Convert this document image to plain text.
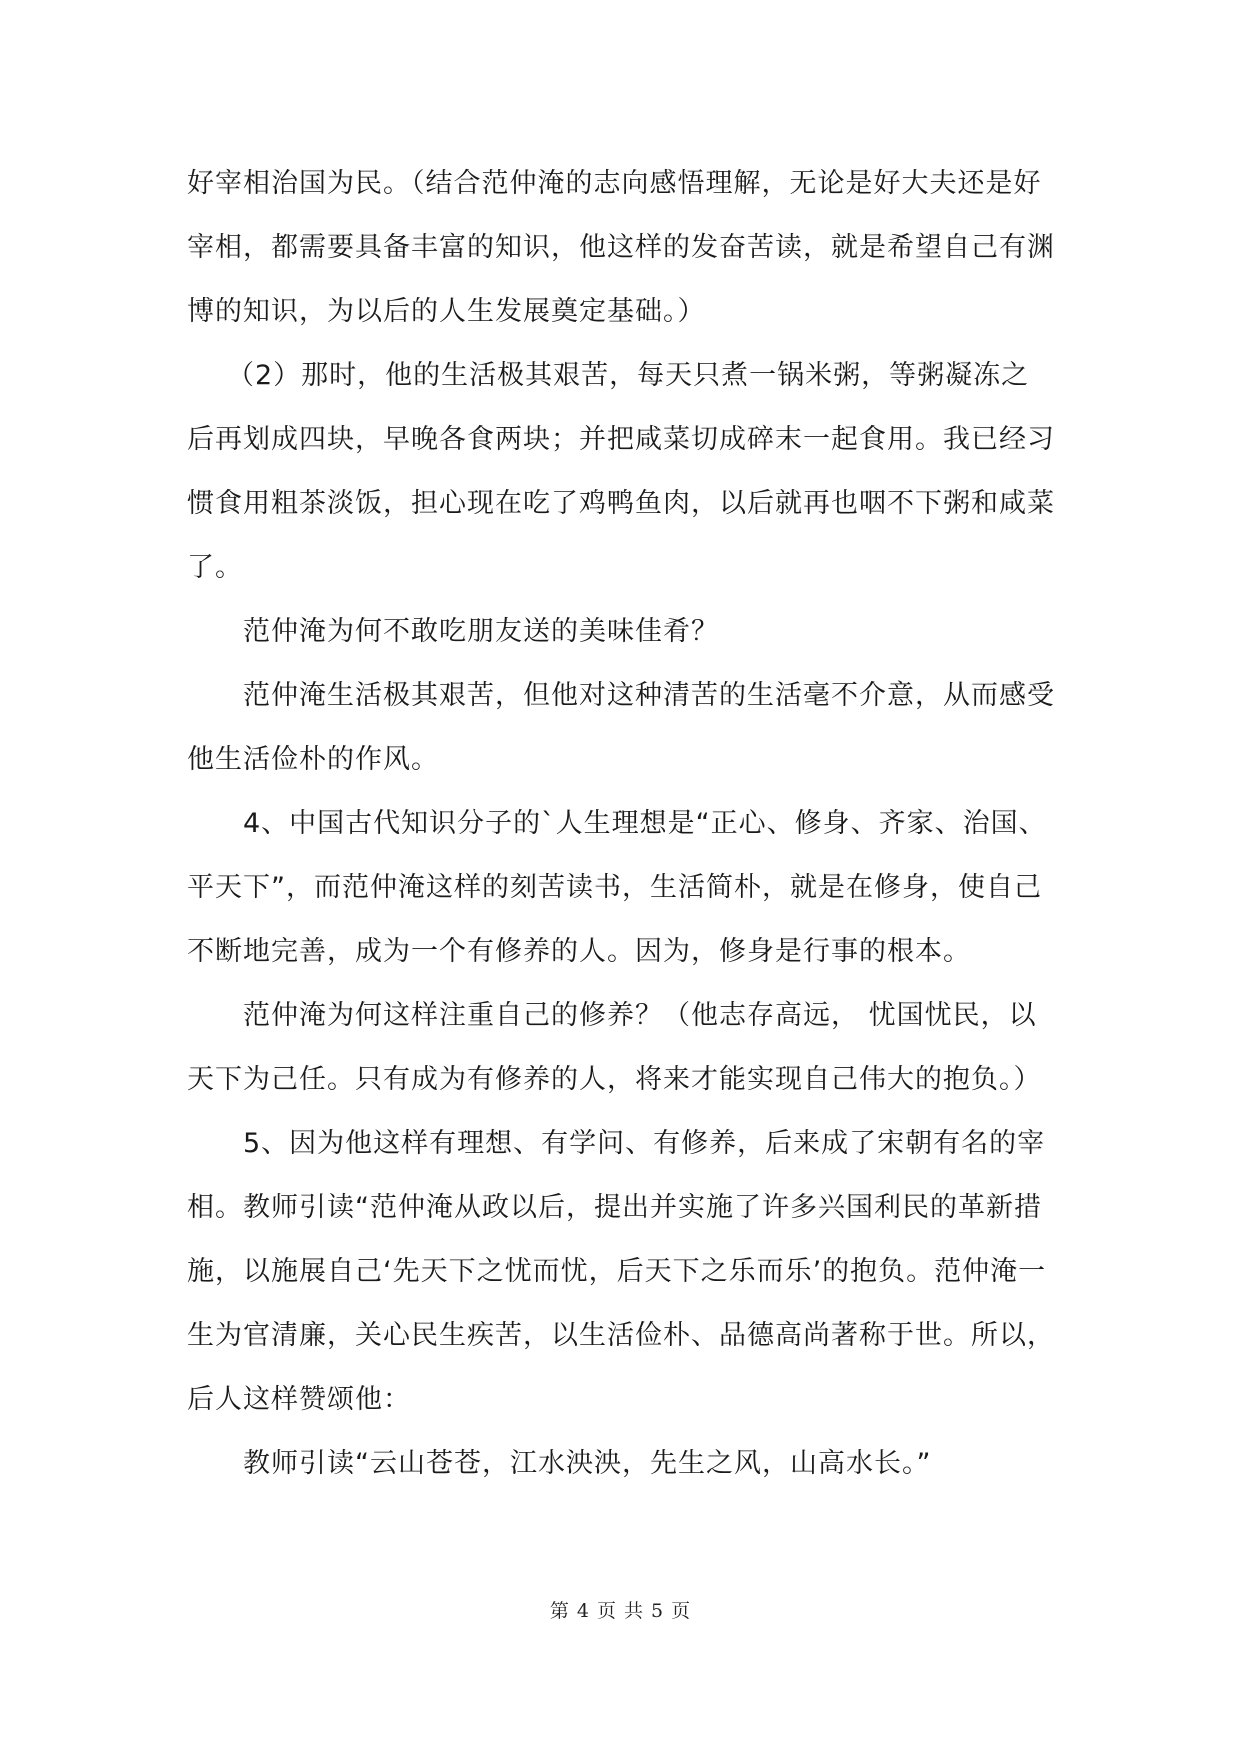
好宰相治国为民。（结合范仲淹的志向感悟理解，无论是好大夫还是好宰相，都需要具备丰富的知识，他这样的发奋苦读，就是希望自己有渊博的知识，为以后的人生发展奠定基础。）

（2）那时，他的生活极其艰苦，每天只煮一锅米粥，等粥凝冻之后再划成四块，早晚各食两块；并把咸菜切成碎末一起食用。我已经习惯食用粗茶淡饭，担心现在吃了鸡鸭鱼肉，以后就再也咽不下粥和咸菜了。

范仲淹为何不敢吃朋友送的美味佳肴？

范仲淹生活极其艰苦，但他对这种清苦的生活毫不介意，从而感受他生活俭朴的作风。

4、中国古代知识分子的`人生理想是“正心、修身、齐家、治国、平天下”，而范仲淹这样的刻苦读书，生活简朴，就是在修身，使自己不断地完善，成为一个有修养的人。因为，修身是行事的根本。

范仲淹为何这样注重自己的修养？（他志存高远， 忧国忧民，以天下为己任。只有成为有修养的人，将来才能实现自己伟大的抱负。）

5、因为他这样有理想、有学问、有修养，后来成了宋朝有名的宰相。教师引读“范仲淹从政以后，提出并实施了许多兴国利民的革新措施，以施展自己‘先天下之忧而忧，后天下之乐而乐’的抱负。范仲淹一生为官清廉，关心民生疾苦，以生活俭朴、品德高尚著称于世。所以，后人这样赞颂他：

教师引读“云山苍苍，江水泱泱，先生之风，山高水长。”

第 4 页 共 5 页
